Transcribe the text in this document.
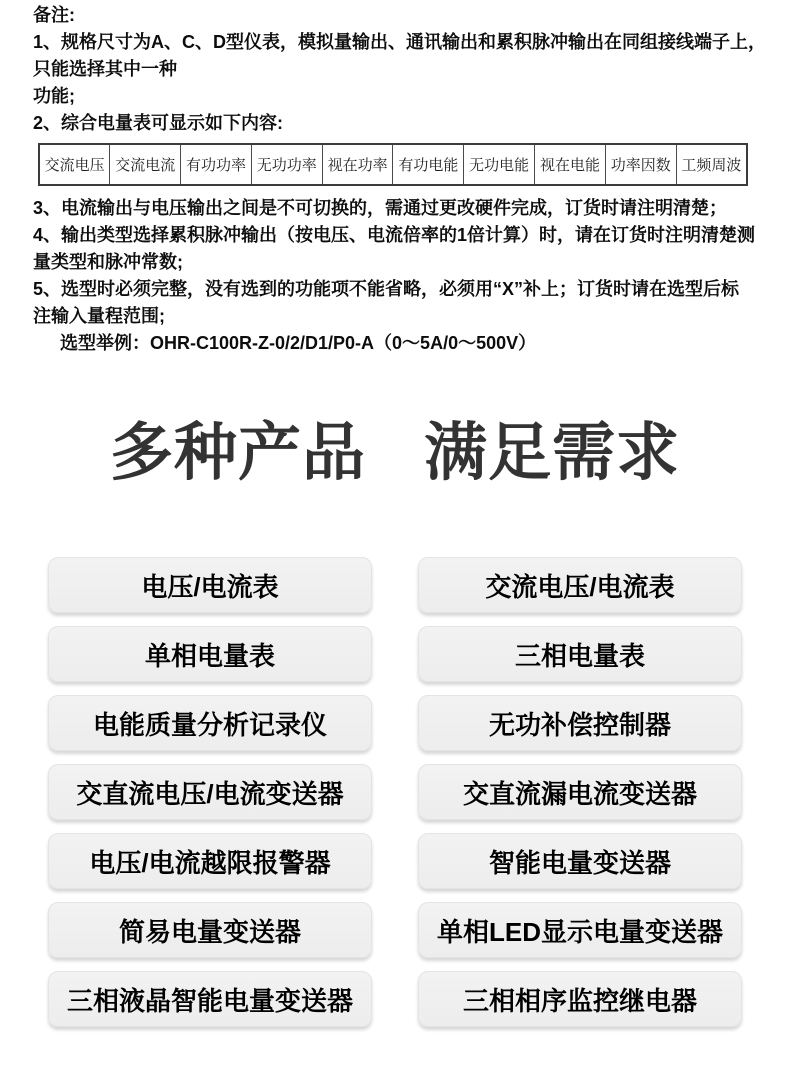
备注:
1、规格尺寸为A、C、D型仪表，模拟量输出、通讯输出和累积脉冲输出在同组接线端子上，
只能选择其中一种
功能;
2、综合电量表可显示如下内容:
交流电压	交流电流	有功功率	无功功率	视在功率	有功电能	无功电能	视在电能	功率因数	工频周波
3、电流输出与电压输出之间是不可切换的，需通过更改硬件完成，订货时请注明清楚；
4、输出类型选择累积脉冲输出（按电压、电流倍率的1倍计算）时，请在订货时注明清楚测
量类型和脉冲常数;
5、选型时必须完整，没有选到的功能项不能省略，必须用“X”补上；订货时请在选型后标
注输入量程范围;
选型举例：OHR-C100R-Z-0/2/D1/P0-A（0～5A/0～500V）
多种产品 满足需求
电压/电流表	交流电压/电流表
单相电量表	三相电量表
电能质量分析记录仪	无功补偿控制器
交直流电压/电流变送器	交直流漏电流变送器
电压/电流越限报警器	智能电量变送器
简易电量变送器	单相LED显示电量变送器
三相液晶智能电量变送器	三相相序监控继电器
